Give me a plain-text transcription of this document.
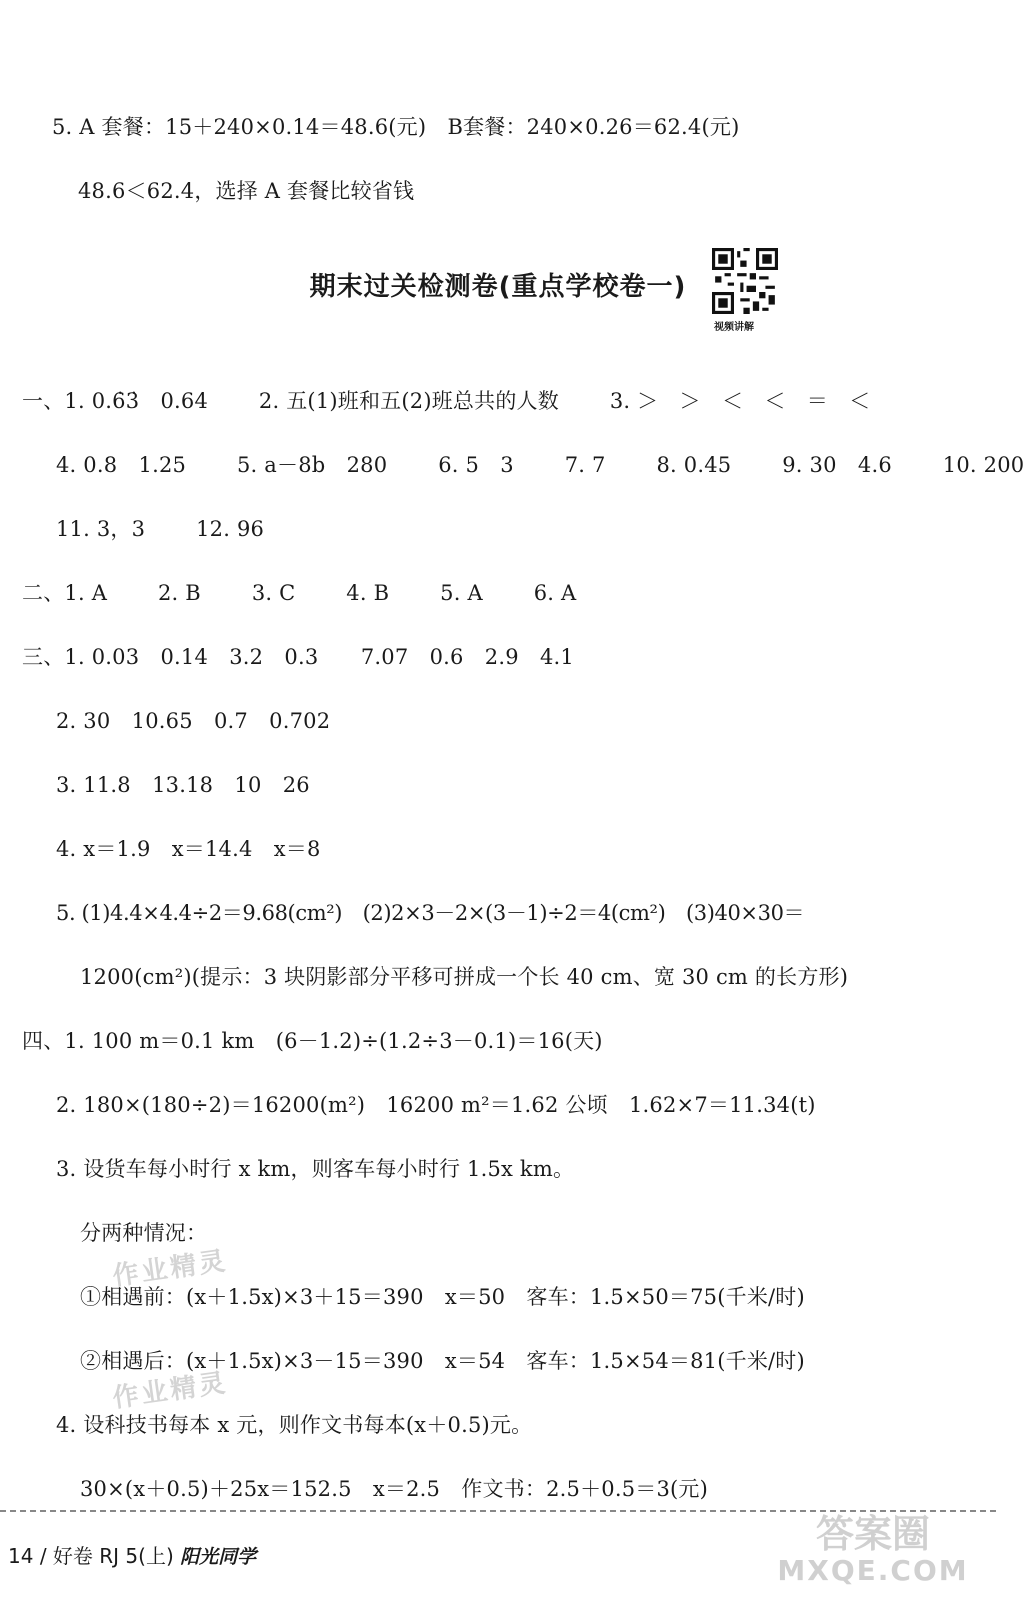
5. A 套餐：15＋240×0.14＝48.6(元)　B套餐：240×0.26＝62.4(元)
48.6＜62.4，选择 A 套餐比较省钱
期末过关检测卷(重点学校卷一)
视频讲解
一、1. 0.6̇3̇　0.64 2. 五(1)班和五(2)班总共的人数 3. ＞　＞　＜　＜　＝　＜
4. 0.8　1.25 5. a－8b　280 6. 5　3 7. 7 8. 0.45 9. 30　4.6 10. 200
11. 3，3 12. 96
二、1. A 2. B 3. C 4. B 5. A 6. A
三、1. 0.03　0.14　3.2　0.3　　7.07　0.6　2.9　4.1
2. 30　10.65　0.7　0.702
3. 11.8　13.18　10　26
4. x＝1.9　x＝14.4　x＝8
5. (1)4.4×4.4÷2＝9.68(cm²)　(2)2×3－2×(3－1)÷2＝4(cm²)　(3)40×30＝
1200(cm²)(提示：3 块阴影部分平移可拼成一个长 40 cm、宽 30 cm 的长方形)
四、1. 100 m＝0.1 km　(6－1.2)÷(1.2÷3－0.1)＝16(天)
2. 180×(180÷2)＝16200(m²)　16200 m²＝1.62 公顷　1.62×7＝11.34(t)
3. 设货车每小时行 x km，则客车每小时行 1.5x km。
分两种情况：
①相遇前：(x＋1.5x)×3＋15＝390　x＝50　客车：1.5×50＝75(千米/时)
②相遇后：(x＋1.5x)×3－15＝390　x＝54　客车：1.5×54＝81(千米/时)
4. 设科技书每本 x 元，则作文书每本(x＋0.5)元。
30×(x＋0.5)＋25x＝152.5　x＝2.5　作文书：2.5＋0.5＝3(元)
作业精灵
作业精灵
14 / 好卷 RJ 5(上) 阳光同学
答案圈
MXQE.COM
